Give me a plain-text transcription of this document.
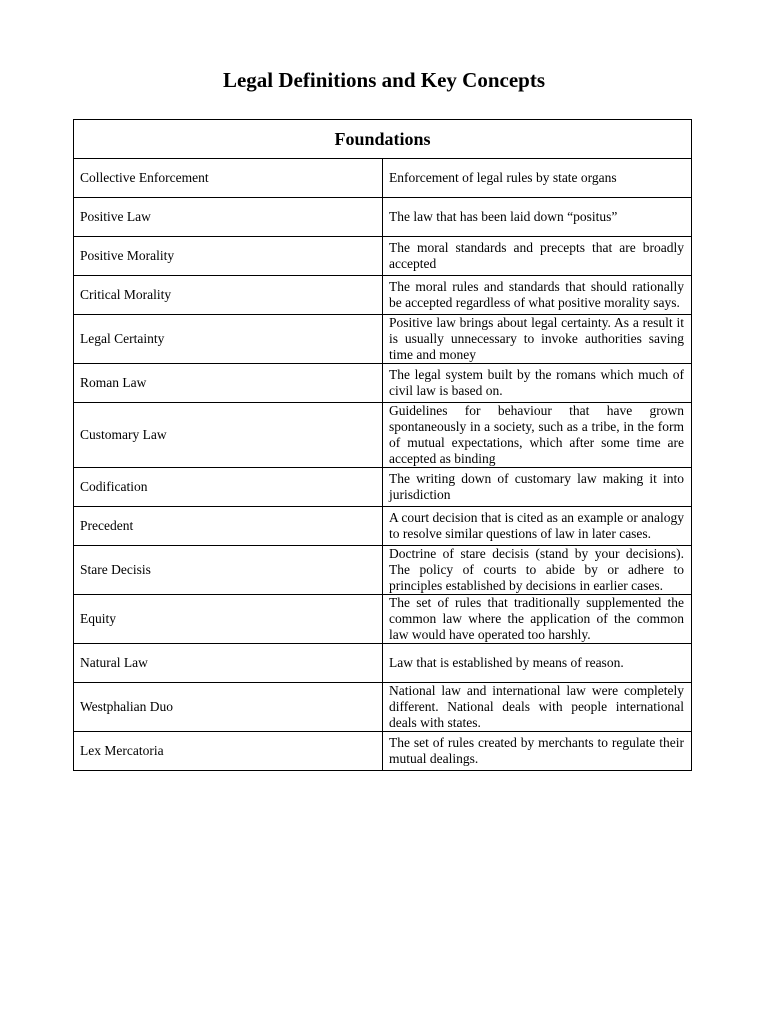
Legal Definitions and Key Concepts
Foundations	
Collective Enforcement	Enforcement of legal rules by state organs
Positive Law	The law that has been laid down “positus”
Positive Morality	The moral standards and precepts that are broadly accepted
Critical Morality	The moral rules and standards that should rationally be accepted regardless of what positive morality says.
Legal Certainty	Positive law brings about legal certainty. As a result it is usually unnecessary to invoke authorities saving time and money
Roman Law	The legal system built by the romans which much of civil law is based on.
Customary Law	Guidelines for behaviour that have grown spontaneously in a society, such as a tribe, in the form of mutual expectations, which after some time are accepted as binding
Codification	The writing down of customary law making it into jurisdiction
Precedent	A court decision that is cited as an example or analogy to resolve similar questions of law in later cases.
Stare Decisis	Doctrine of stare decisis (stand by your decisions). The policy of courts to abide by or adhere to principles established by decisions in earlier cases.
Equity	The set of rules that traditionally supplemented the common law where the application of the common law would have operated too harshly.
Natural Law	Law that is established by means of reason.
Westphalian Duo	National law and international law were completely different. National deals with people international deals with states.
Lex Mercatoria	The set of rules created by merchants to regulate their mutual dealings.
